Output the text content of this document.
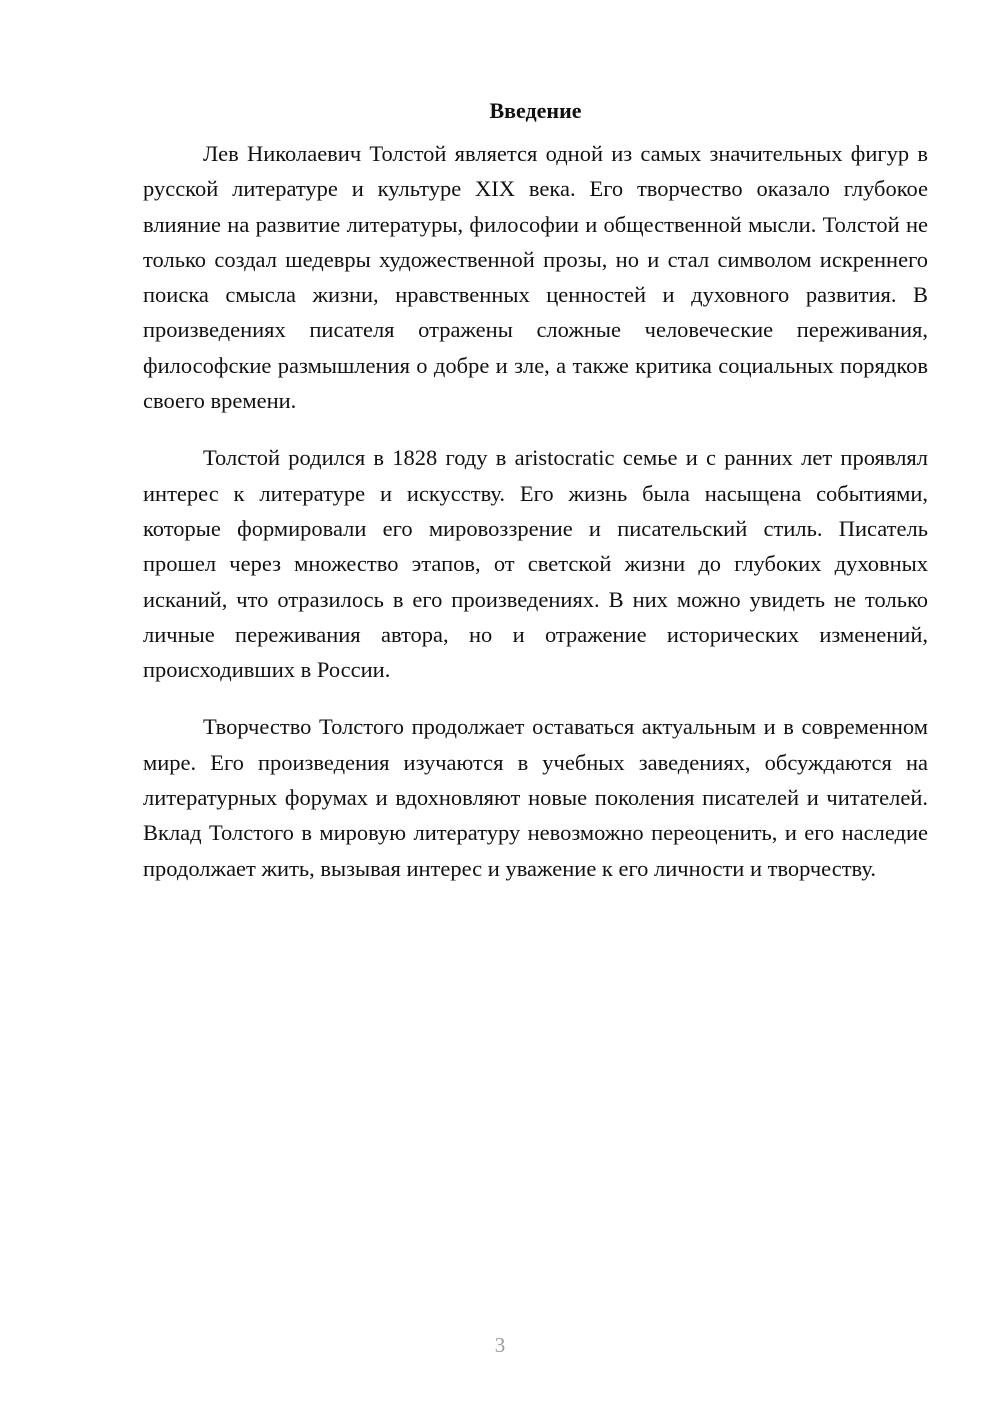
Введение

Лев Николаевич Толстой является одной из самых значительных фигур в русской литературе и культуре XIX века. Его творчество оказало глубокое влияние на развитие литературы, философии и общественной мысли. Толстой не только создал шедевры художественной прозы, но и стал символом искреннего поиска смысла жизни, нравственных ценностей и духовного развития. В произведениях писателя отражены сложные человеческие переживания, философские размышления о добре и зле, а также критика социальных порядков своего времени.

Толстой родился в 1828 году в aristocratic семье и с ранних лет проявлял интерес к литературе и искусству. Его жизнь была насыщена событиями, которые формировали его мировоззрение и писательский стиль. Писатель прошел через множество этапов, от светской жизни до глубоких духовных исканий, что отразилось в его произведениях. В них можно увидеть не только личные переживания автора, но и отражение исторических изменений, происходивших в России.

Творчество Толстого продолжает оставаться актуальным и в современном мире. Его произведения изучаются в учебных заведениях, обсуждаются на литературных форумах и вдохновляют новые поколения писателей и читателей. Вклад Толстого в мировую литературу невозможно переоценить, и его наследие продолжает жить, вызывая интерес и уважение к его личности и творчеству.

3
